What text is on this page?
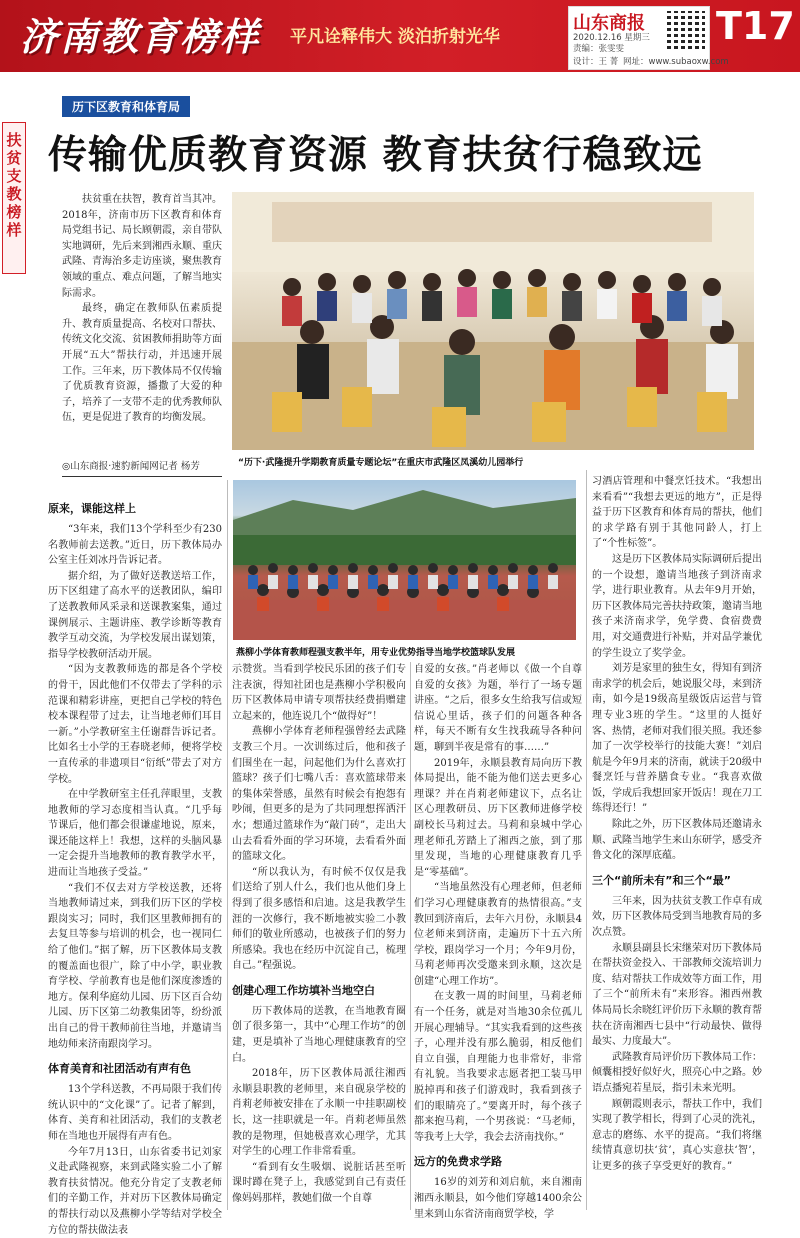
济南教育榜样 平凡诠释伟大 淡泊折射光华
山东商报
2020.12.16 星期三
责编：张雯雯
设计：王 菁 网址：www.subaoxw.com
T17
扶贫支教榜样
历下区教育和体育局
传输优质教育资源 教育扶贫行稳致远

扶贫重在扶智，教育首当其冲。2018年，济南市历下区教育和体育局党组书记、局长顾朝霞，亲自带队实地调研，先后来到湘西永顺、重庆武隆、青海治多走访座谈，聚焦教育领域的重点、难点问题，了解当地实际需求。

最终，确定在教师队伍素质提升、教育质量提高、名校对口帮扶、传统文化交流、贫困教师捐助等方面开展“五大”帮扶行动，并迅速开展工作。三年来，历下教体局不仅传输了优质教育资源，播撒了大爱的种子，培养了一支带不走的优秀教师队伍，更是促进了教育的均衡发展。

◎山东商报·速豹新闻网记者 杨芳	“历下·武隆提升学期教育质量专题论坛”在重庆市武隆区凤溪幼儿园举行
燕柳小学体育教师程强支教半年，用专业优势指导当地学校篮球队发展
原来，课能这样上

“3年来，我们13个学科至少有230名教师前去送教。”近日，历下教体局办公室主任刘冰丹告诉记者。

据介绍，为了做好送教送培工作，历下区组建了高水平的送教团队，编印了送教教师风采录和送课教案集，通过课例展示、主题讲座、教学诊断等教育教学互动交流，为学校发展出谋划策，指导学校教研活动开展。

“因为支教教师选的都是各个学校的骨干，因此他们不仅带去了学科的示范课和精彩讲座，更把自己学校的特色校本课程带了过去，让当地老师们耳目一新。”小学教研室主任谢群告诉记者。比如名士小学的王春晓老师，便将学校一直传承的非遗项目“衍纸”带去了对方学校。

在中学教研室主任孔萍眼里，支教地教师的学习态度相当认真。“几乎每节课后，他们都会很谦虚地说，原来，课还能这样上！我想，这样的头脑风暴一定会提升当地教师的教育教学水平，进而让当地孩子受益。”

“我们不仅去对方学校送教，还将当地教师请过来，到我们历下区的学校跟岗实习；同时，我们区里教师拥有的去复旦等参与培训的机会，也一视同仁给了他们。”据了解，历下区教体局支教的覆盖面也很广，除了中小学，职业教育学校、学前教育也是他们深度渗透的地方。保利华庭幼儿园、历下区百合幼儿园、历下区第二幼教集团等，纷纷派出自己的骨干教师前往当地，并邀请当地幼师来济南跟岗学习。

体育美育和社团活动有声有色

13个学科送教，不再局限于我们传统认识中的“文化课”了。记者了解到，体育、美育和社团活动，我们的支教老师在当地也开展得有声有色。

今年7月13日，山东省委书记刘家义赴武隆视察，来到武隆实验二小了解教育扶贫情况。他充分肯定了支教老师们的辛勤工作，并对历下区教体局确定的帮扶行动以及燕柳小学等结对学校全方位的帮扶做法表

示赞赏。当看到学校民乐团的孩子们专注表演，得知社团也是燕柳小学积极向历下区教体局申请专项帮扶经费捐赠建立起来的，他连说几个“做得好”！

燕柳小学体育老师程强曾经去武隆支教三个月。一次训练过后，他和孩子们围坐在一起，问起他们为什么喜欢打篮球？孩子们七嘴八舌：喜欢篮球带来的集体荣誉感，虽然有时候会有抱怨有吵闹，但更多的是为了共同理想挥洒汗水；想通过篮球作为“敲门砖”，走出大山去看看外面的学习环境，去看看外面的篮球文化。

“所以我认为，有时候不仅仅是我们送给了别人什么，我们也从他们身上得到了很多感悟和启迪。这是我教学生涯的一次修行，我不断地被实验二小教师们的敬业所感动，也被孩子们的努力所感染。我也在经历中沉淀自己，梳理自己。”程强说。

创建心理工作坊填补当地空白

历下教体局的送教，在当地教育圈创了很多第一，其中“心理工作坊”的创建，更是填补了当地心理健康教育的空白。

2018年，历下区教体局派往湘西永顺县职教的老师里，来自砚泉学校的肖莉老师被安排在了永顺一中挂职副校长，这一挂职就是一年。肖莉老师虽然教的是物理，但她极喜欢心理学，尤其对学生的心理工作非常看重。

“看到有女生吸烟、说脏话甚至听课时蹲在凳子上，我感觉到自己有责任像妈妈那样，教她们做一个自尊

自爱的女孩。”肖老师以《做一个自尊自爱的女孩》为题，举行了一场专题讲座。“之后，很多女生给我写信或短信说心里话，孩子们的问题各种各样，每天不断有女生找我疏导各种问题，聊到半夜是常有的事……”

2019年，永顺县教育局向历下教体局提出，能不能为他们送去更多心理课？并在肖莉老师建议下，点名让区心理教研员、历下区教师进修学校副校长马莉过去。马莉和泉城中学心理老师孔芳踏上了湘西之旅，到了那里发现，当地的心理健康教育几乎是“零基础”。

“当地虽然没有心理老师，但老师们学习心理健康教育的热情很高。”支教回到济南后，去年六月份，永顺县4位老师来到济南，走遍历下十五六所学校，跟岗学习一个月；今年9月份，马莉老师再次受邀来到永顺，这次是创建“心理工作坊”。

在支教一周的时间里，马莉老师有一个任务，就是对当地30余位孤儿开展心理辅导。“其实我看到的这些孩子，心理并没有那么脆弱，相反他们自立自强，自理能力也非常好，非常有礼貌。当我要求志愿者把工装马甲脱掉再和孩子们游戏时，我看到孩子们的眼睛亮了。”要离开时，每个孩子都来抱马莉，一个男孩说：“马老师，等我考上大学，我会去济南找你。”

远方的免费求学路

16岁的刘芳和刘启航，来自湘南湘西永顺县，如今他们穿越1400余公里来到山东省济南商贸学校，学

习酒店管理和中餐烹饪技术。“我想出来看看”“我想去更远的地方”，正是得益于历下区教育和体育局的帮扶，他们的求学路有别于其他同龄人，打上了“个性标签”。

这是历下区教体局实际调研后提出的一个设想，邀请当地孩子到济南求学，进行职业教育。从去年9月开始，历下区教体局完善扶持政策，邀请当地孩子来济南求学，免学费、食宿费费用，对交通费进行补贴，并对品学兼优的学生设立了奖学金。

刘芳是家里的独生女，得知有到济南求学的机会后，她说服父母，来到济南，如今是19级高星级饭店运营与管理专业3班的学生。“这里的人挺好客、热情，老师对我们很关照。我还参加了一次学校举行的技能大赛！”刘启航是今年9月来的济南，就读于20级中餐烹饪与营养膳食专业。“我喜欢做饭，学成后我想回家开饭店！现在刀工练得还行！”

除此之外，历下区教体局还邀请永顺、武隆当地学生来山东研学，感受齐鲁文化的深厚底蕴。

三个“前所未有”和三个“最”

三年来，因为扶贫支教工作卓有成效，历下区教体局受到当地教育局的多次点赞。

永顺县副县长宋继荣对历下教体局在帮扶资金投入、干部教师交流培训力度、结对帮扶工作成效等方面工作，用了三个“前所未有”来形容。湘西州教体局局长余晓红评价历下永顺的教育帮扶在济南湘西七县中“行动最快、做得最实、力度最大”。

武隆教育局评价历下教体局工作：倾囊相授好似好火，照亮心中之路。妙语点播宛若星辰，指引未来光明。

顾朝霞则表示，帮扶工作中，我们实现了教学相长，得到了心灵的洗礼，意志的磨练、水平的提高。“我们将继续情真意切扶‘贫’，真心实意扶‘智’，让更多的孩子享受更好的教育。”
